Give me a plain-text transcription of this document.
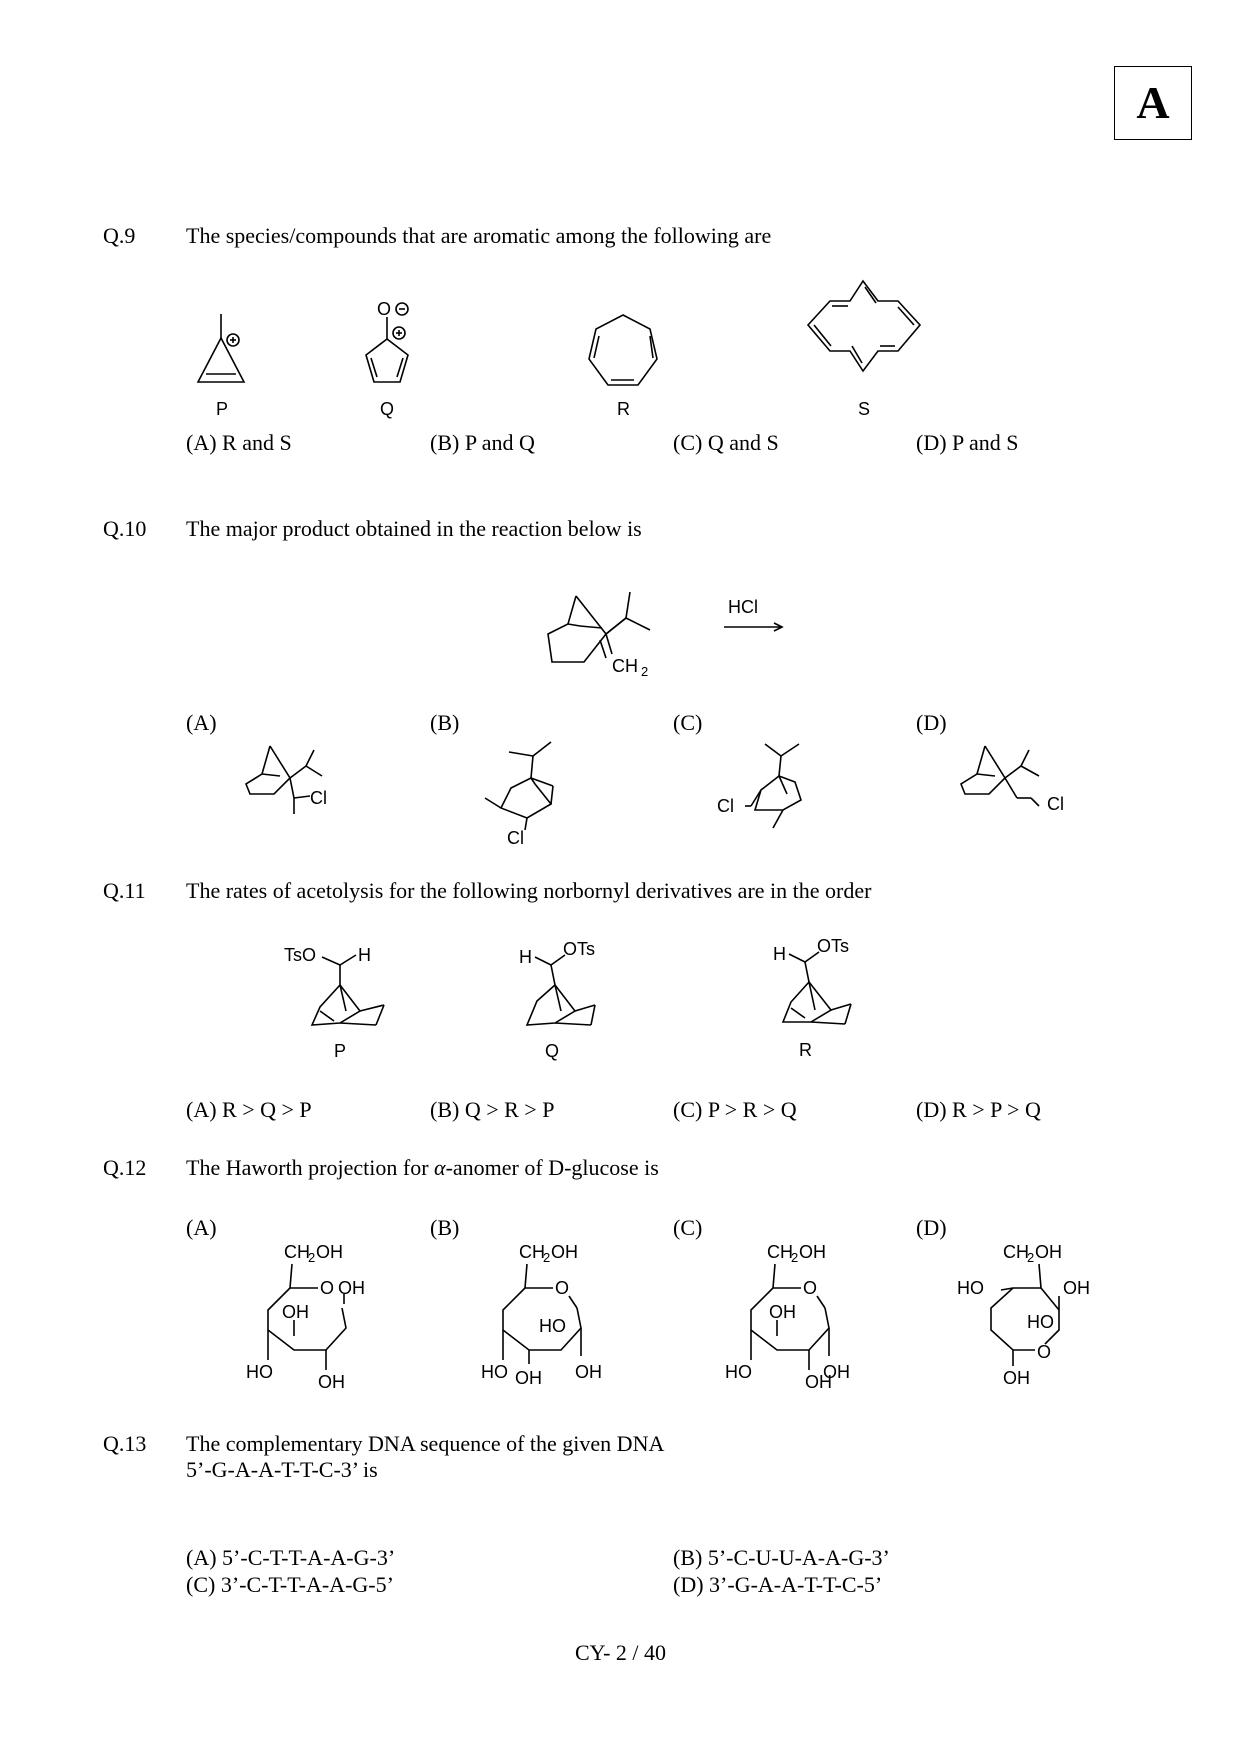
A
Q.9 The species/compounds that are aromatic among the following are
P
O
Q	R	S
(A) R and S	(B) P and Q	(C) Q and S	(D) P and S
Q.10 The major product obtained in the reaction below is
CH 2
HCl
(A)	(B)	(C)	(D)
Cl
Cl
Cl	Cl
Q.11 The rates of acetolysis for the following norbornyl derivatives are in the order
TsO H
P
H OTs
Q
H OTs
R
(A) R > Q > P	(B) Q > R > P	(C) P > R > Q	(D) R > P > Q
Q.12 The Haworth projection for α-anomer of D-glucose is
(A)	(B)	(C)	(D)
CH
2 OH
O OH
OH
HO	OH
CH
2 OH
O
HO
HO OH OH
CH
2 OH
O
OH
HO	OH
OH
CH
2 OH
O
HO	OH
HO
OH
Q.13 The complementary DNA sequence of the given DNA
5’-G-A-A-T-T-C-3’ is
(A) 5’-C-T-T-A-A-G-3’	(B) 5’-C-U-U-A-A-G-3’
(C) 3’-C-T-T-A-A-G-5’	(D) 3’-G-A-A-T-T-C-5’
CY- 2 / 40
